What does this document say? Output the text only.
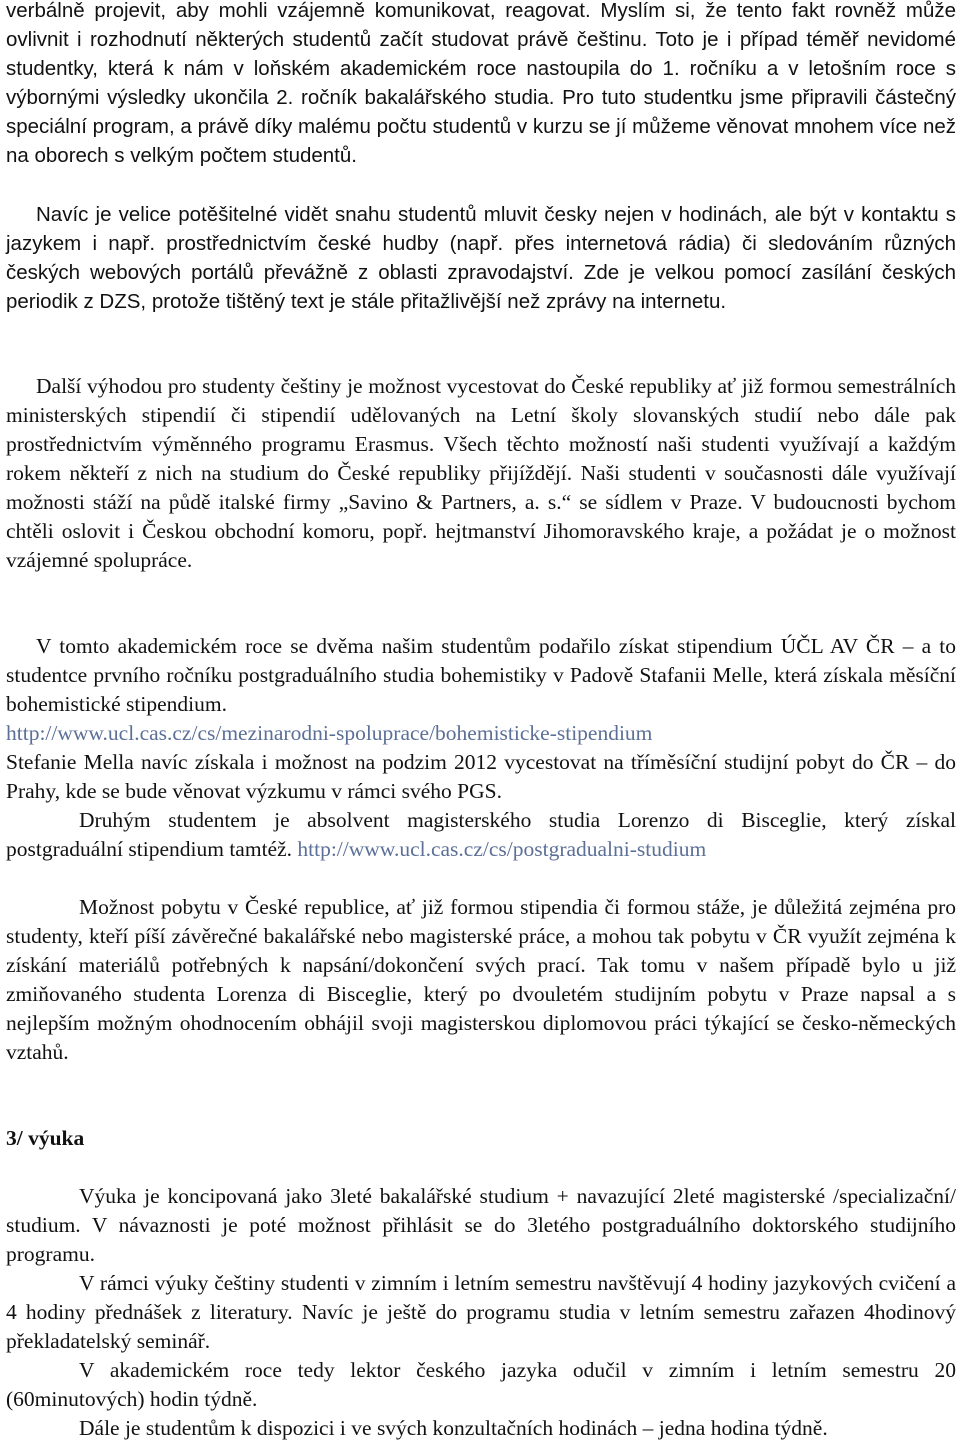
verbálně projevit, aby mohli vzájemně komunikovat, reagovat. Myslím si, že tento fakt rovněž může ovlivnit i rozhodnutí některých studentů začít studovat právě češtinu. Toto je i případ téměř nevidomé studentky, která k nám v loňském akademickém roce nastoupila do 1. ročníku a v letošním roce s výbornými výsledky ukončila 2. ročník bakalářského studia. Pro tuto studentku jsme připravili částečný speciální program, a právě díky malému počtu studentů v kurzu se jí můžeme věnovat mnohem více než na oborech s velkým počtem studentů.

Navíc je velice potěšitelné vidět snahu studentů mluvit česky nejen v hodinách, ale být v kontaktu s jazykem i např. prostřednictvím české hudby (např. přes internetová rádia) či sledováním různých českých webových portálů převážně z oblasti zpravodajství. Zde je velkou pomocí zasílání českých periodik z DZS, protože tištěný text je stále přitažlivější než zprávy na internetu.

Další výhodou pro studenty češtiny je možnost vycestovat do České republiky ať již formou semestrálních ministerských stipendií či stipendií udělovaných na Letní školy slovanských studií nebo dále pak prostřednictvím výměnného programu Erasmus. Všech těchto možností naši studenti využívají a každým rokem někteří z nich na studium do České republiky přijíždějí. Naši studenti v současnosti dále využívají možnosti stáží na půdě italské firmy „Savino & Partners, a. s.“ se sídlem v Praze. V budoucnosti bychom chtěli oslovit i Českou obchodní komoru, popř. hejtmanství Jihomoravského kraje, a požádat je o možnost vzájemné spolupráce.

V tomto akademickém roce se dvěma našim studentům podařilo získat stipendium ÚČL AV ČR – a to studentce prvního ročníku postgraduálního studia bohemistiky v Padově Stafanii Melle, která získala měsíční bohemistické stipendium.

http://www.ucl.cas.cz/cs/mezinarodni-spoluprace/bohemisticke-stipendium

Stefanie Mella navíc získala i možnost na podzim 2012 vycestovat na tříměsíční studijní pobyt do ČR – do Prahy, kde se bude věnovat výzkumu v rámci svého PGS.

Druhým studentem je absolvent magisterského studia Lorenzo di Bisceglie, který získal postgraduální stipendium tamtéž. http://www.ucl.cas.cz/cs/postgradualni-studium

Možnost pobytu v České republice, ať již formou stipendia či formou stáže, je důležitá zejména pro studenty, kteří píší závěrečné bakalářské nebo magisterské práce, a mohou tak pobytu v ČR využít zejména k získání materiálů potřebných k napsání/dokončení svých prací. Tak tomu v našem případě bylo u již zmiňovaného studenta Lorenza di Bisceglie, který po dvouletém studijním pobytu v Praze napsal a s nejlepším možným ohodnocením obhájil svoji magisterskou diplomovou práci týkající se česko-německých vztahů.

3/ výuka

Výuka je koncipovaná jako 3leté bakalářské studium + navazující 2leté magisterské /specializační/ studium. V návaznosti je poté možnost přihlásit se do 3letého postgraduálního doktorského studijního programu.

V rámci výuky češtiny studenti v zimním i letním semestru navštěvují 4 hodiny jazykových cvičení a 4 hodiny přednášek z literatury. Navíc je ještě do programu studia v letním semestru zařazen 4hodinový překladatelský seminář.

V akademickém roce tedy lektor českého jazyka odučil v zimním i letním semestru 20 (60minutových) hodin týdně.

Dále je studentům k dispozici i ve svých konzultačních hodinách – jedna hodina týdně.
